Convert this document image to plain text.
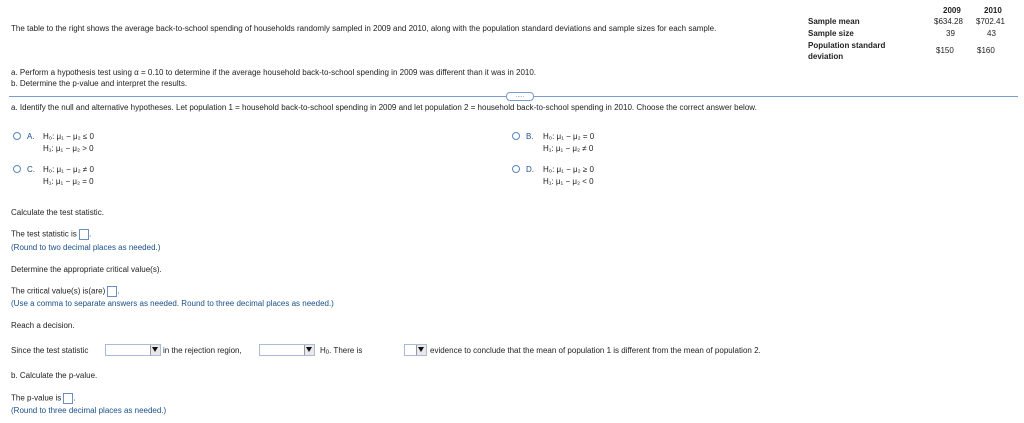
The table to the right shows the average back-to-school spending of households randomly sampled in 2009 and 2010, along with the population standard deviations and sample sizes for each sample.
2009	2010
Sample mean	$634.28 $702.41
Sample size	39	43
Population standard deviation
$150	$160
a. Perform a hypothesis test using α = 0.10 to determine if the average household back-to-school spending in 2009 was different than it was in 2010.
b. Determine the p-value and interpret the results.
.....
a. Identify the null and alternative hypotheses. Let population 1 = household back-to-school spending in 2009 and let population 2 = household back-to-school spending in 2010. Choose the correct answer below.
A. H₀: μ₁ − μ₂ ≤ 0
H₁: μ₁ − μ₂ > 0
B. H₀: μ₁ − μ₂ = 0
H₁: μ₁ − μ₂ ≠ 0
C. H₀: μ₁ − μ₂ ≠ 0
H₁: μ₁ − μ₂ = 0
D. H₀: μ₁ − μ₂ ≥ 0
H₁: μ₁ − μ₂ < 0
Calculate the test statistic.
The test statistic is .
(Round to two decimal places as needed.)
Determine the appropriate critical value(s).
The critical value(s) is(are) .
(Use a comma to separate answers as needed. Round to three decimal places as needed.)
Reach a decision.
Since the test statistic	in the rejection region,	$H_0$. There is	evidence to conclude that the mean of population 1 is different from the mean of population 2.
b. Calculate the p-value.
The p-value is .
(Round to three decimal places as needed.)
